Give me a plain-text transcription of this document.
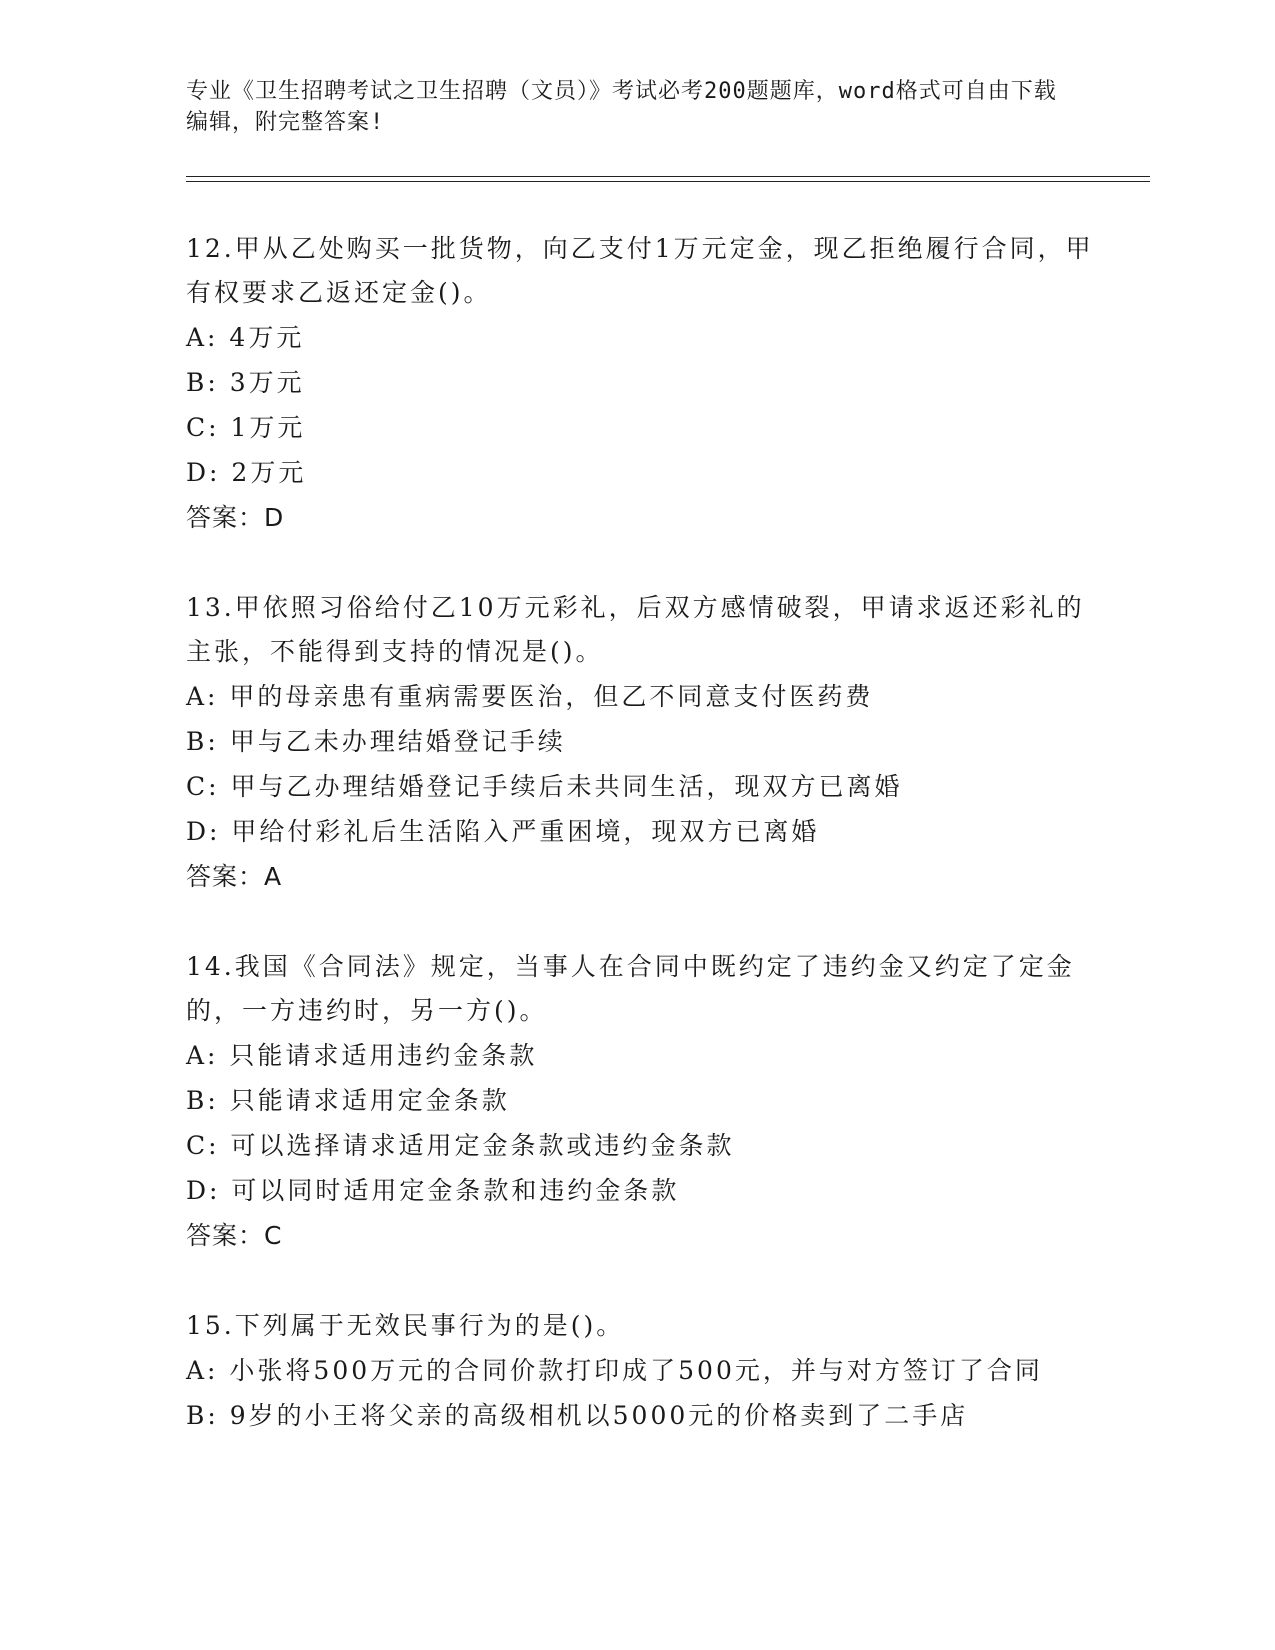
专业《卫生招聘考试之卫生招聘（文员）》考试必考200题题库，word格式可自由下载编辑，附完整答案!

12.甲从乙处购买一批货物，向乙支付1万元定金，现乙拒绝履行合同，甲有权要求乙返还定金()。

A: 4万元

B: 3万元

C: 1万元

D: 2万元

答案：D

13.甲依照习俗给付乙10万元彩礼，后双方感情破裂，甲请求返还彩礼的主张，不能得到支持的情况是()。

A: 甲的母亲患有重病需要医治，但乙不同意支付医药费

B: 甲与乙未办理结婚登记手续

C: 甲与乙办理结婚登记手续后未共同生活，现双方已离婚

D: 甲给付彩礼后生活陷入严重困境，现双方已离婚

答案：A

14.我国《合同法》规定，当事人在合同中既约定了违约金又约定了定金的，一方违约时，另一方()。

A: 只能请求适用违约金条款

B: 只能请求适用定金条款

C: 可以选择请求适用定金条款或违约金条款

D: 可以同时适用定金条款和违约金条款

答案：C

15.下列属于无效民事行为的是()。

A: 小张将500万元的合同价款打印成了500元，并与对方签订了合同

B: 9岁的小王将父亲的高级相机以5000元的价格卖到了二手店
